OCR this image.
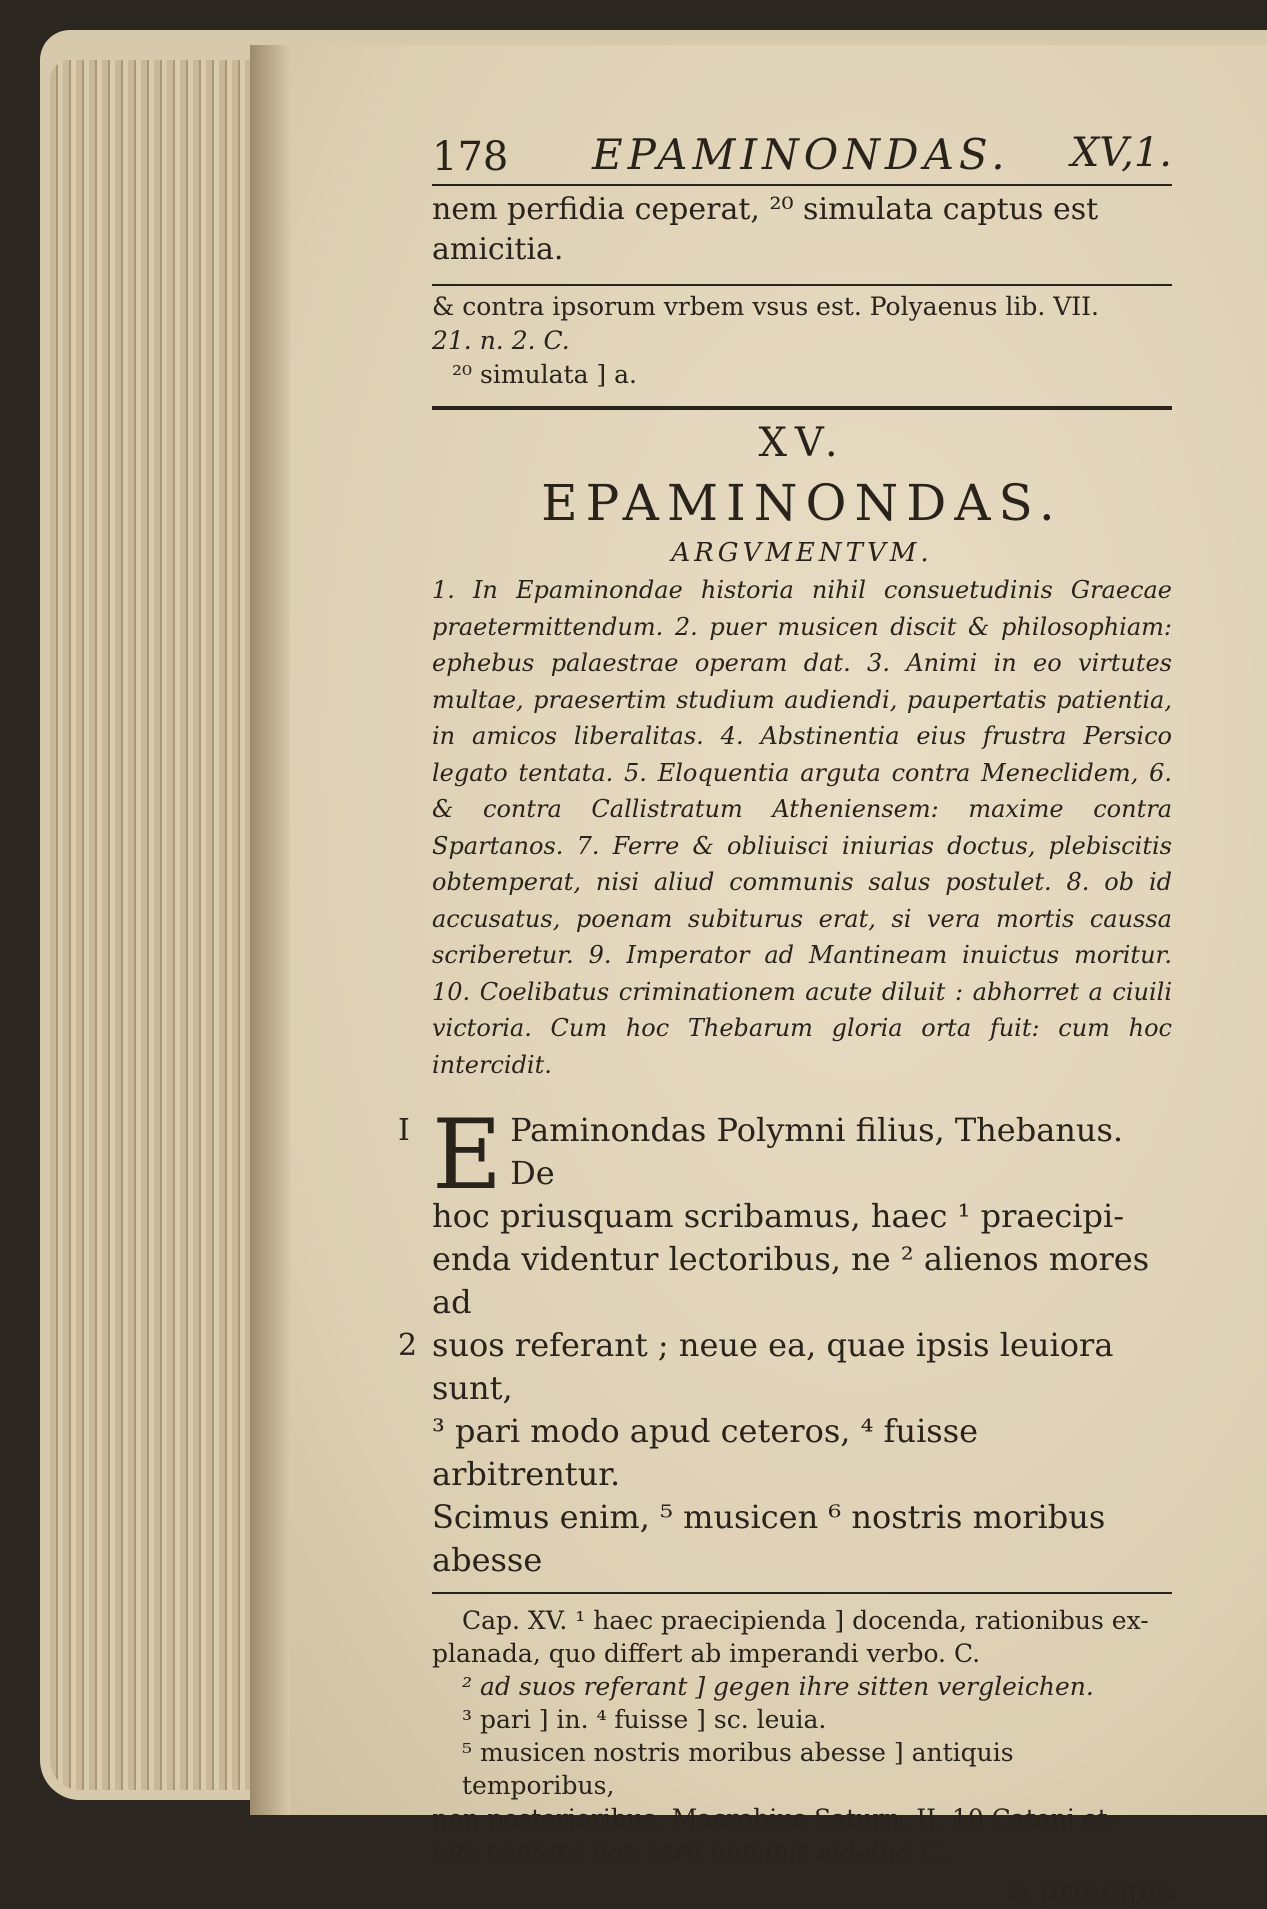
178 EPAMINONDAS. XV,1.
nem perfidia ceperat, ²⁰ simulata captus est
amicitia.
& contra ipsorum vrbem vsus est. Polyaenus lib. VII.
21. n. 2. C.
²⁰ simulata ] a.
XV.
EPAMINONDAS.
ARGVMENTVM.
1. In Epaminondae historia nihil consuetudinis Graecae praetermittendum. 2. puer musicen discit & philosophiam: ephebus palaestrae operam dat. 3. Animi in eo virtutes multae, praesertim studium audiendi, paupertatis patientia, in amicos liberalitas. 4. Abstinentia eius frustra Persico legato tentata. 5. Eloquentia arguta contra Meneclidem, 6. & contra Callistratum Atheniensem: maxime contra Spartanos. 7. Ferre & obliuisci iniurias doctus, plebiscitis obtemperat, nisi aliud communis salus postulet. 8. ob id accusatus, poenam subiturus erat, si vera mortis caussa scriberetur. 9. Imperator ad Mantineam inuictus moritur. 10. Coelibatus criminationem acute diluit : abhorret a ciuili victoria. Cum hoc Thebarum gloria orta fuit: cum hoc intercidit.
I
2
E Paminondas Polymni filius, Thebanus. De
hoc priusquam scribamus, haec ¹ praecipi-
enda videntur lectoribus, ne ² alienos mores ad
suos referant ; neue ea, quae ipsis leuiora sunt,
³ pari modo apud ceteros, ⁴ fuisse arbitrentur.
Scimus enim, ⁵ musicen ⁶ nostris moribus abesse
Cap. XV. ¹ haec praecipienda ] docenda, rationibus ex-
planada, quo differt ab imperandi verbo. C.
² ad suos referant ] gegen ihre sitten vergleichen.
³ pari ] in. ⁴ fuisse ] sc. leuia.
⁵ musicen nostris moribus abesse ] antiquis temporibus,
non posterioribus. Macrobius Saturn. II. 10 Catoni et-
iam cantare non serii hominis videtur. C.
a principis
